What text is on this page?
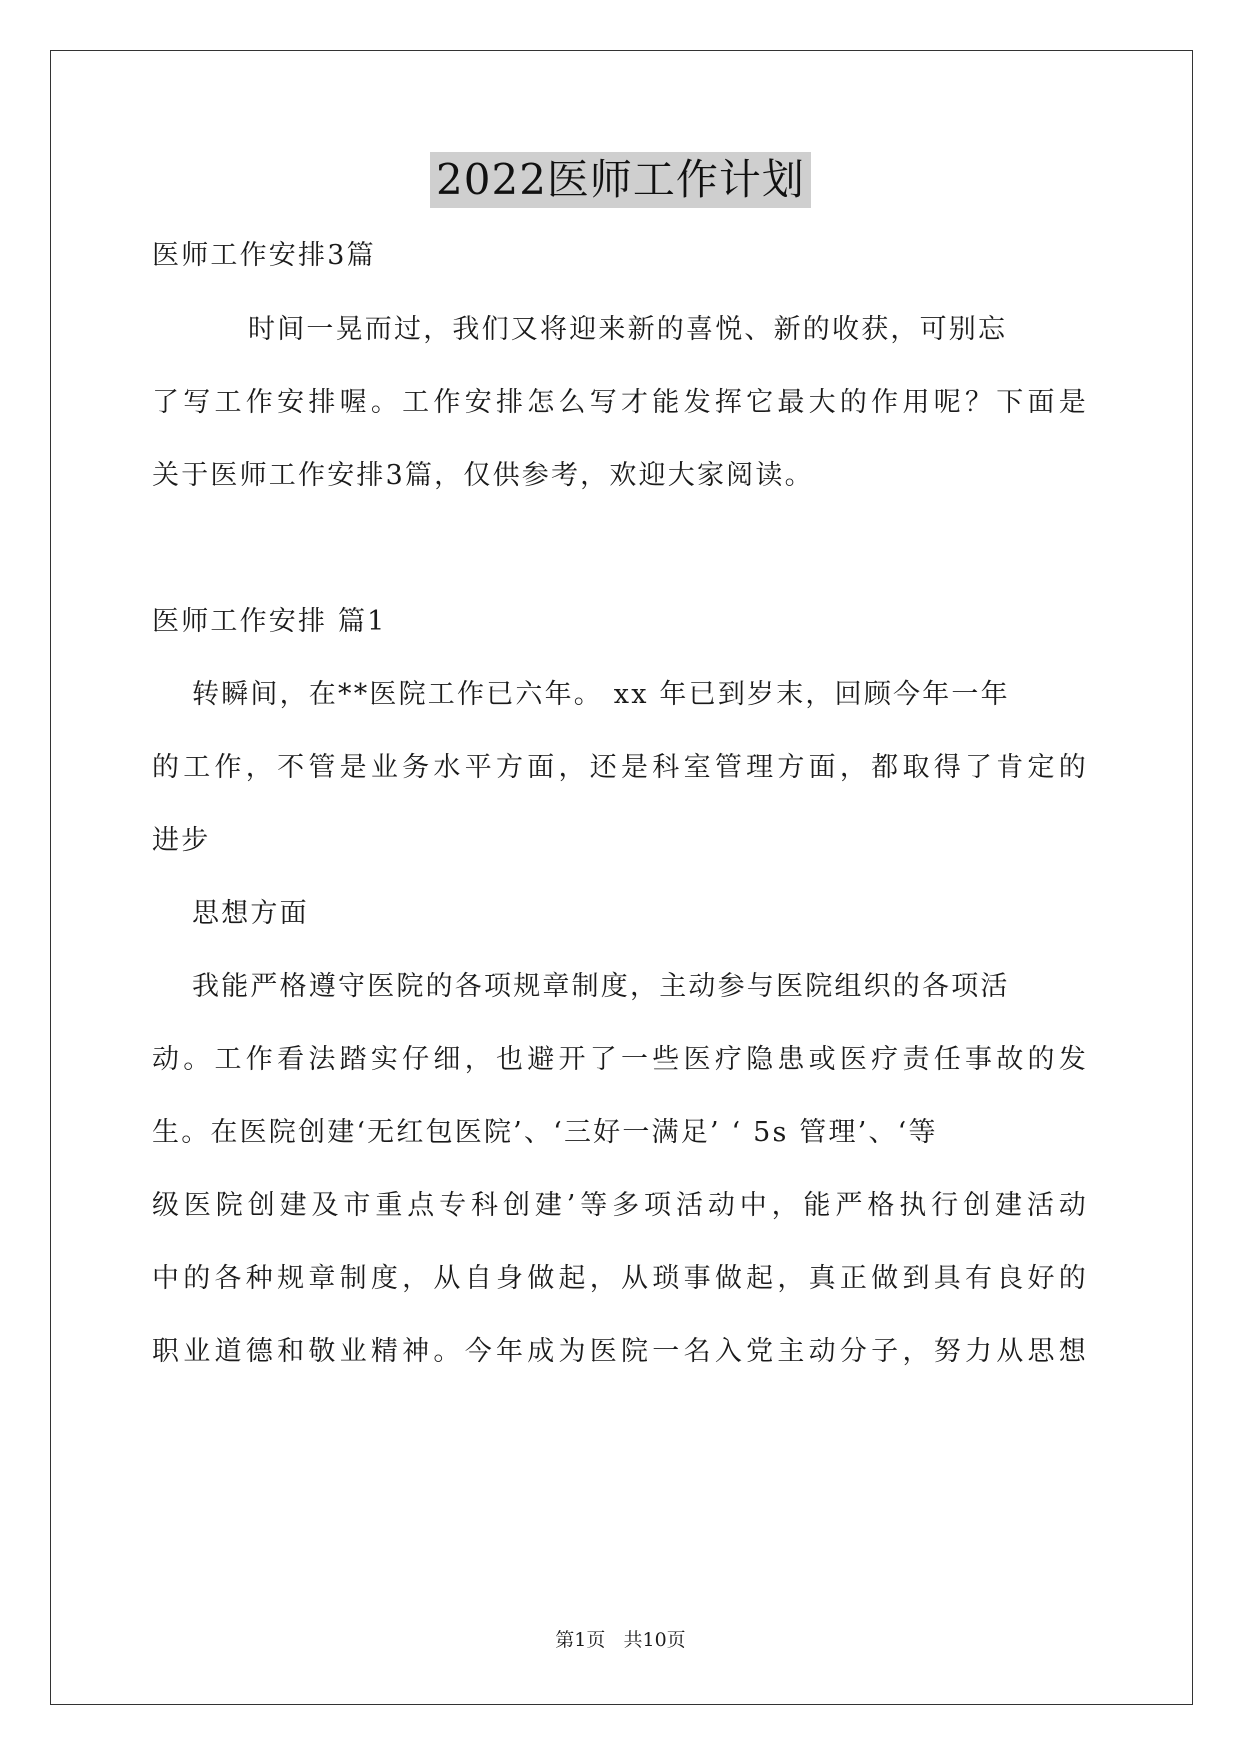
2022医师工作计划
医师工作安排3篇
时间一晃而过，我们又将迎来新的喜悦、新的收获，可别忘
了写工作安排喔。工作安排怎么写才能发挥它最大的作用呢？下面是
关于医师工作安排3篇，仅供参考，欢迎大家阅读。
医师工作安排 篇1
转瞬间，在**医院工作已六年。 xx 年已到岁末，回顾今年一年
的工作，不管是业务水平方面，还是科室管理方面，都取得了肯定的
进步
思想方面
我能严格遵守医院的各项规章制度，主动参与医院组织的各项活
动。工作看法踏实仔细，也避开了一些医疗隐患或医疗责任事故的发
生。在医院创建‘无红包医院’、‘三好一满足’ ‘ 5s 管理’、‘等
级医院创建及市重点专科创建’等多项活动中，能严格执行创建活动
中的各种规章制度，从自身做起，从琐事做起，真正做到具有良好的
职业道德和敬业精神。今年成为医院一名入党主动分子，努力从思想
第1页   共10页
